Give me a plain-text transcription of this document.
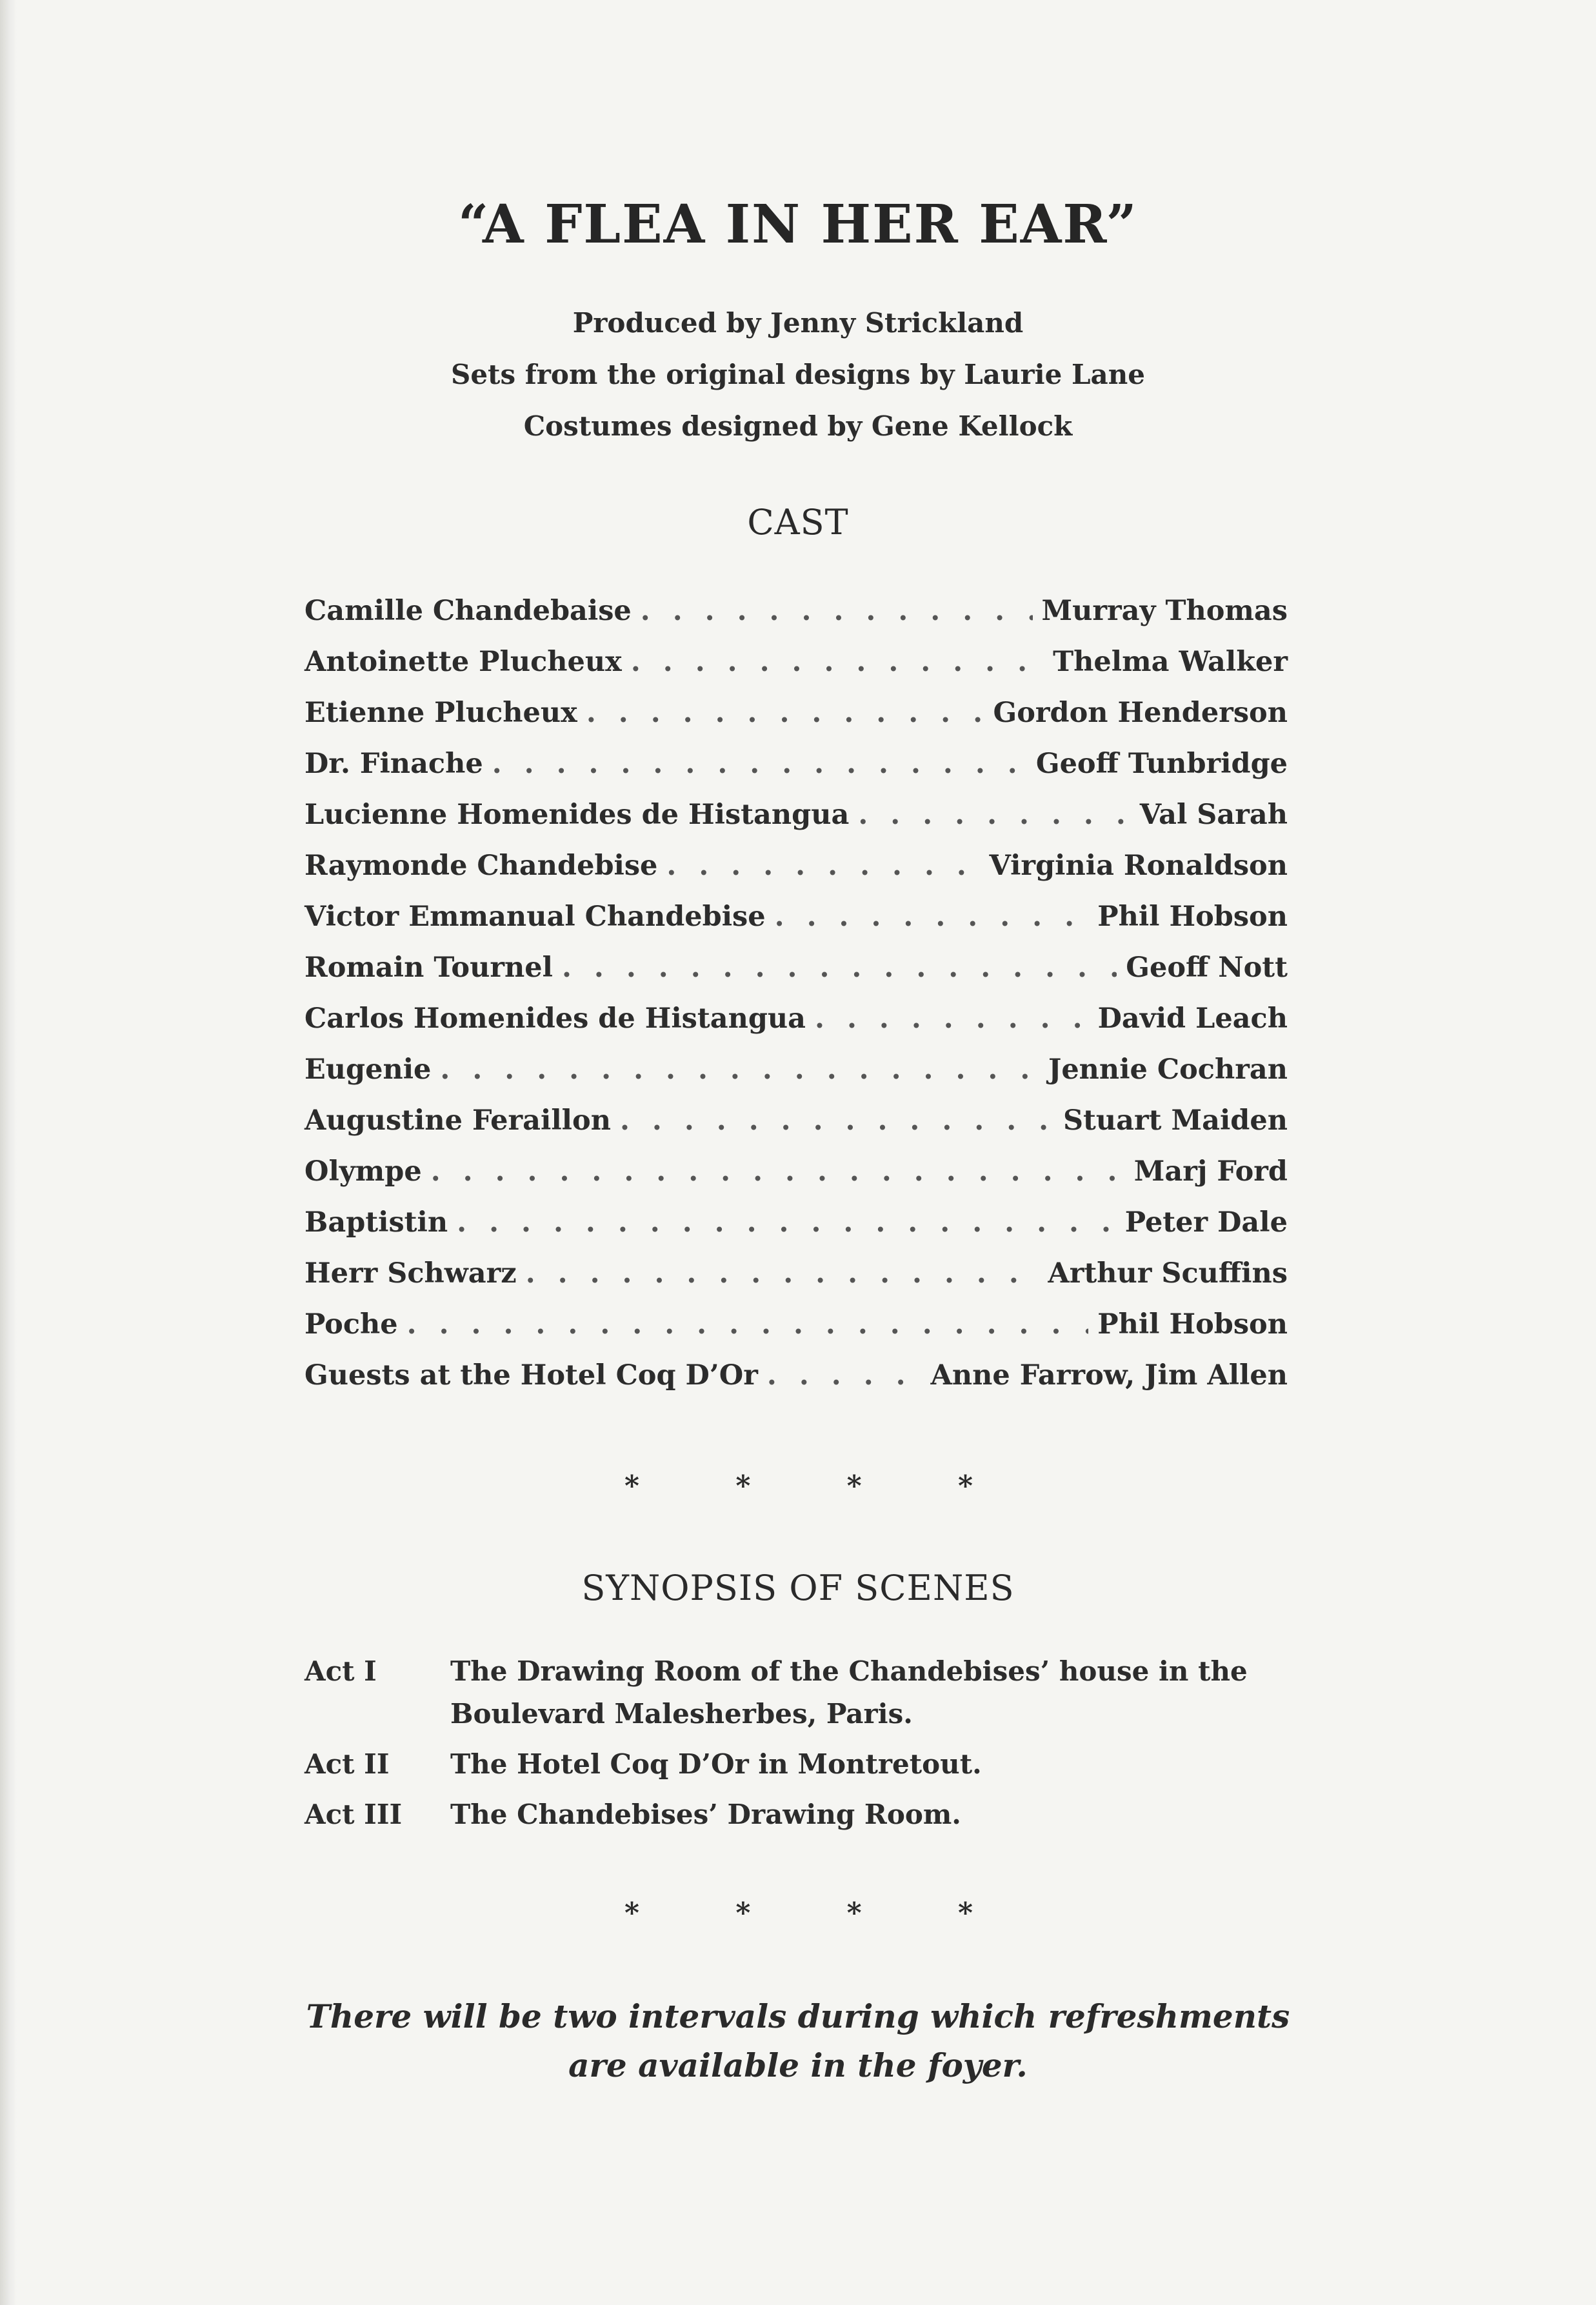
“A FLEA IN HER EAR”
Produced by Jenny Strickland
Sets from the original designs by Laurie Lane
Costumes designed by Gene Kellock
CAST
Camille Chandebaise . . .	Murray Thomas
Antoinette Plucheux . . .	Thelma Walker
Etienne Plucheux . . .	Gordon Henderson
Dr. Finache . . .	Geoff Tunbridge
Lucienne Homenides de Histangua . . .	Val Sarah
Raymonde Chandebise . . .	Virginia Ronaldson
Victor Emmanual Chandebise . . .	Phil Hobson
Romain Tournel . . .	Geoff Nott
Carlos Homenides de Histangua . . .	David Leach
Eugenie . . .	Jennie Cochran
Augustine Feraillon . . .	Stuart Maiden
Olympe . . .	Marj Ford
Baptistin . . .	Peter Dale
Herr Schwarz . . .	Arthur Scuffins
Poche . . .	Phil Hobson
Guests at the Hotel Coq D’Or . . .	Anne Farrow, Jim Allen
*	*	*	*
SYNOPSIS OF SCENES
Act I	The Drawing Room of the Chandebises’ house in the
Boulevard Malesherbes, Paris.
Act II	The Hotel Coq D’Or in Montretout.
Act III	The Chandebises’ Drawing Room.
*	*	*	*
There will be two intervals during which refreshments
are available in the foyer.
